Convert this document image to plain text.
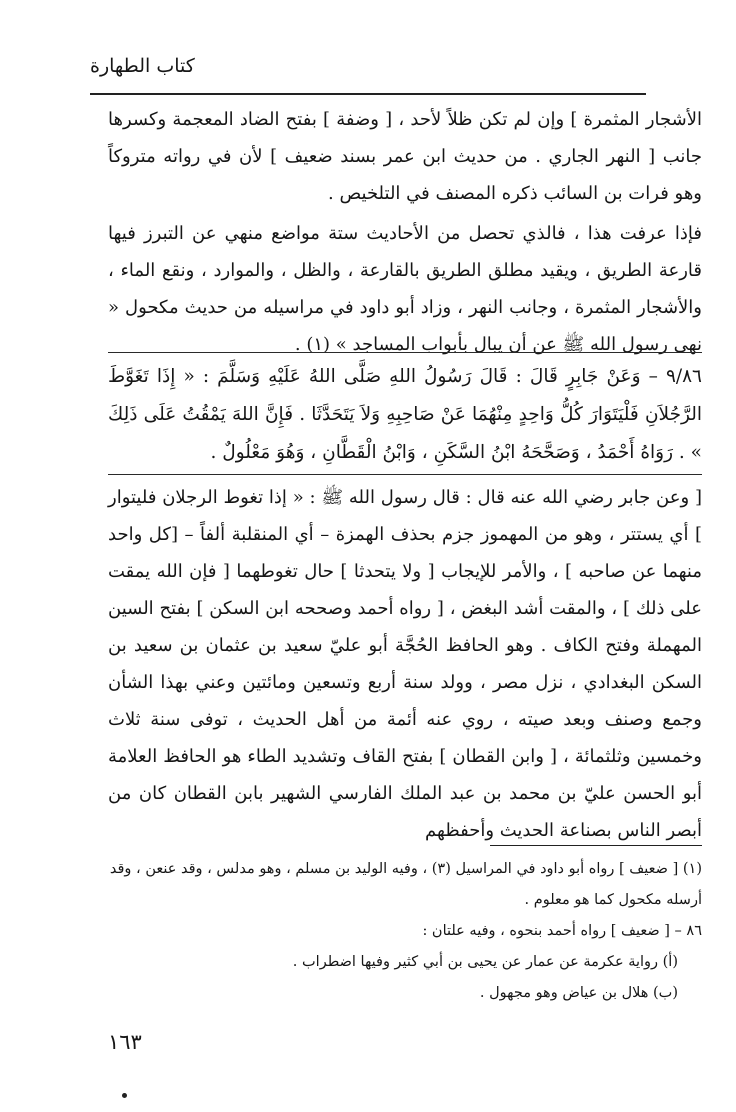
كتاب الطهارة
الأشجار المثمرة ] وإن لم تكن ظلاً لأحد ، [ وضفة ] بفتح الضاد المعجمة وكسرها جانب [ النهر الجاري . من حديث ابن عمر بسند ضعيف ] لأن في رواته متروكاً وهو فرات بن السائب ذكره المصنف في التلخيص .
فإذا عرفت هذا ، فالذي تحصل من الأحاديث ستة مواضع منهي عن التبرز فيها قارعة الطريق ، ويقيد مطلق الطريق بالقارعة ، والظل ، والموارد ، ونقع الماء ، والأشجار المثمرة ، وجانب النهر ، وزاد أبو داود في مراسيله من حديث مكحول « نهى رسول الله ﷺ عن أن يبال بأبواب المساجد » (١) .
٩/٨٦ – وَعَنْ جَابِرٍ قَالَ : قَالَ رَسُولُ اللهِ صَلَّى اللهُ عَلَيْهِ وَسَلَّمَ : « إِذَا تَغَوَّطَ الرَّجُلاَنِ فَلْيَتَوَارَ كُلُّ وَاحِدٍ مِنْهُمَا عَنْ صَاحِبِهِ وَلاَ يَتَحَدَّثَا . فَإِنَّ اللهَ يَمْقُتُ عَلَى ذَلِكَ » . رَوَاهُ أَحْمَدُ ، وَصَحَّحَهُ ابْنُ السَّكَنِ ، وَابْنُ الْقَطَّانِ ، وَهُوَ مَعْلُولٌ .
[ وعن جابر رضي الله عنه قال : قال رسول الله ﷺ : « إذا تغوط الرجلان فليتوار ] أي يستتر ، وهو من المهموز جزم بحذف الهمزة – أي المنقلبة ألفاً – [كل واحد منهما عن صاحبه ] ، والأمر للإيجاب [ ولا يتحدثا ] حال تغوطهما [ فإن الله يمقت على ذلك ] ، والمقت أشد البغض ، [ رواه أحمد وصححه ابن السكن ] بفتح السين المهملة وفتح الكاف . وهو الحافظ الحُجَّة أبو عليّ سعيد بن عثمان بن سعيد بن السكن البغدادي ، نزل مصر ، وولد سنة أربع وتسعين ومائتين وعني بهذا الشأن وجمع وصنف وبعد صيته ، روي عنه أئمة من أهل الحديث ، توفى سنة ثلاث وخمسين وثلثمائة ، [ وابن القطان ] بفتح القاف وتشديد الطاء هو الحافظ العلامة أبو الحسن عليّ بن محمد بن عبد الملك الفارسي الشهير بابن القطان كان من أبصر الناس بصناعة الحديث وأحفظهم

(١) [ ضعيف ] رواه أبو داود في المراسيل (٣) ، وفيه الوليد بن مسلم ، وهو مدلس ، وقد عنعن ، وقد أرسله مكحول كما هو معلوم .

٨٦ – [ ضعيف ] رواه أحمد بنحوه ، وفيه علتان :

(أ) رواية عكرمة عن عمار عن يحيى بن أبي كثير وفيها اضطراب .

(ب) هلال بن عياض وهو مجهول .

١٦٣
